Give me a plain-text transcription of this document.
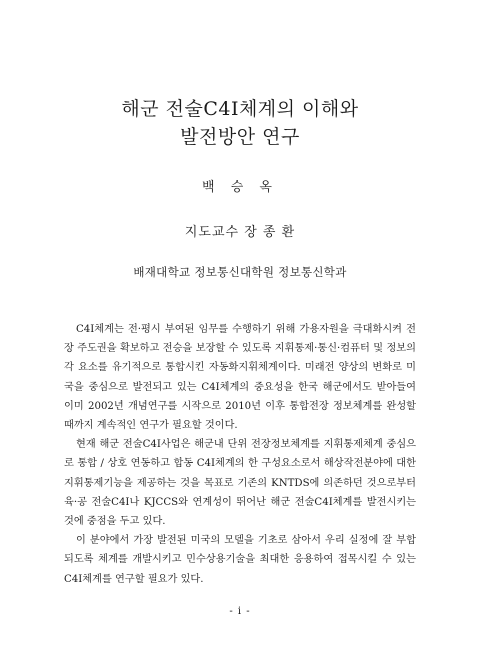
해군 전술C4I체계의 이해와
발전방안 연구

백 승 옥

지도교수 장 종 환

배재대학교 정보통신대학원 정보통신학과

C4I체계는 전·평시 부여된 임무를 수행하기 위해 가용자원을 극대화시켜 전장 주도권을 확보하고 전승을 보장할 수 있도록 지휘통제·통신·컴퓨터 및 정보의 각 요소를 유기적으로 통합시킨 자동화지휘체계이다. 미래전 양상의 변화로 미국을 중심으로 발전되고 있는 C4I체계의 중요성을 한국 해군에서도 받아들여 이미 2002년 개념연구를 시작으로 2010년 이후 통합전장 정보체계를 완성할 때까지 계속적인 연구가 필요할 것이다.

현재 해군 전술C4I사업은 해군내 단위 전장정보체계를 지휘통제체계 중심으로 통합 / 상호 연동하고 합동 C4I체계의 한 구성요소로서 해상작전분야에 대한 지휘통제기능을 제공하는 것을 목표로 기존의 KNTDS에 의존하던 것으로부터 육·공 전술C4I나 KJCCS와 연계성이 뛰어난 해군 전술C4I체계를 발전시키는 것에 중점을 두고 있다.

이 분야에서 가장 발전된 미국의 모델을 기초로 삼아서 우리 실정에 잘 부합되도록 체계를 개발시키고 민수상용기술을 최대한 응용하여 접목시킬 수 있는 C4I체계를 연구할 필요가 있다.

- i -
